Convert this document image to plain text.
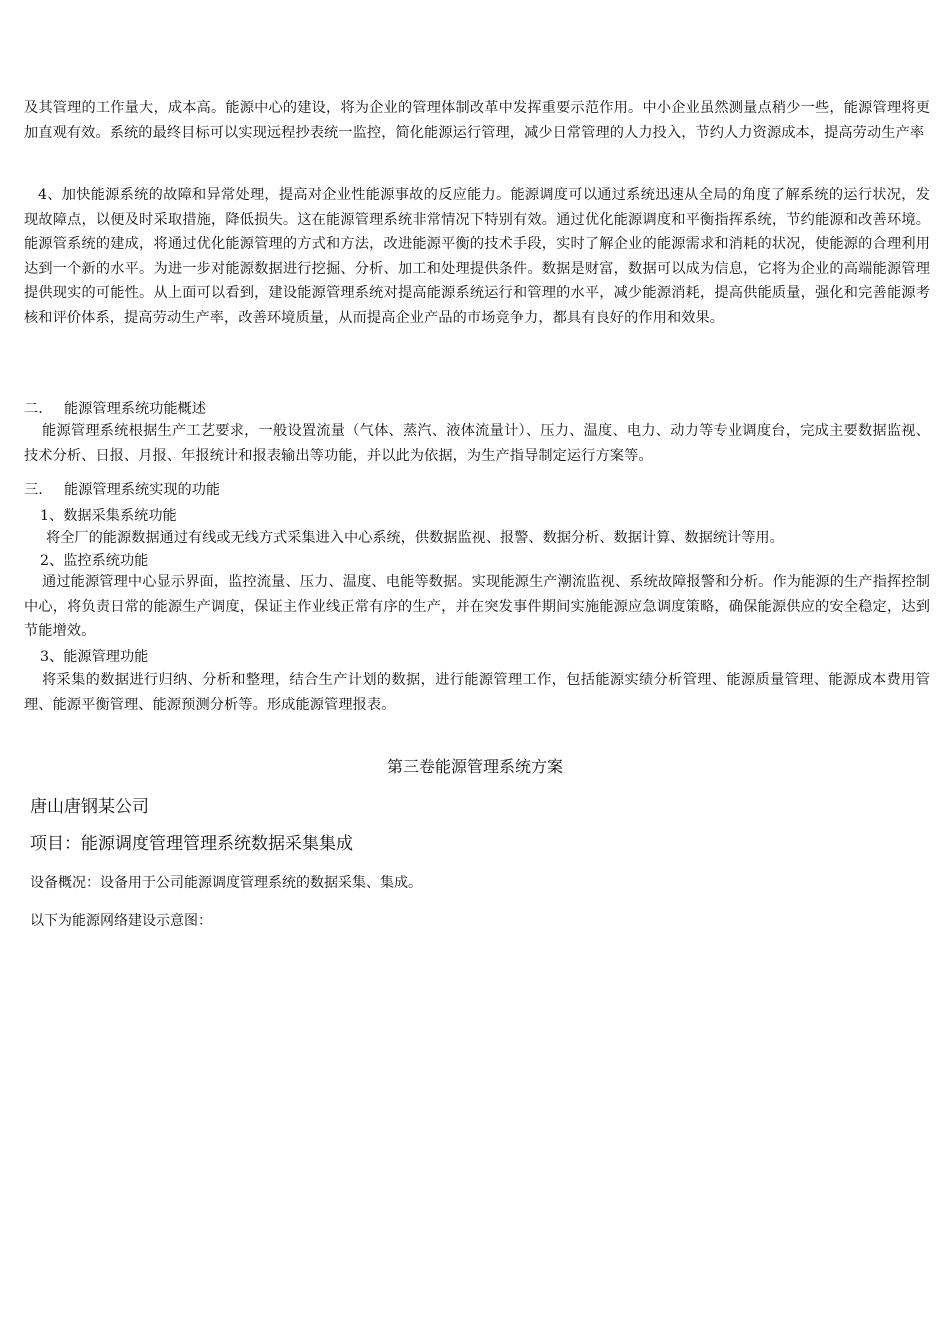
及其管理的工作量大，成本高。能源中心的建设，将为企业的管理体制改革中发挥重要示范作用。中小企业虽然测量点稍少一些，能源管理将更加直观有效。系统的最终目标可以实现远程抄表统一监控，简化能源运行管理，减少日常管理的人力投入，节约人力资源成本，提高劳动生产率
4、加快能源系统的故障和异常处理，提高对企业性能源事故的反应能力。能源调度可以通过系统迅速从全局的角度了解系统的运行状况，发现故障点，以便及时采取措施，降低损失。这在能源管理系统非常情况下特别有效。通过优化能源调度和平衡指挥系统，节约能源和改善环境。能源管系统的建成，将通过优化能源管理的方式和方法，改进能源平衡的技术手段，实时了解企业的能源需求和消耗的状况，使能源的合理利用达到一个新的水平。为进一步对能源数据进行挖掘、分析、加工和处理提供条件。数据是财富，数据可以成为信息，它将为企业的高端能源管理提供现实的可能性。从上面可以看到，建设能源管理系统对提高能源系统运行和管理的水平，减少能源消耗，提高供能质量，强化和完善能源考核和评价体系，提高劳动生产率，改善环境质量，从而提高企业产品的市场竞争力，都具有良好的作用和效果。
二. 能源管理系统功能概述
能源管理系统根据生产工艺要求，一般设置流量（气体、蒸汽、液体流量计）、压力、温度、电力、动力等专业调度台，完成主要数据监视、技术分析、日报、月报、年报统计和报表输出等功能，并以此为依据，为生产指导制定运行方案等。
三. 能源管理系统实现的功能
1、数据采集系统功能
将全厂的能源数据通过有线或无线方式采集进入中心系统，供数据监视、报警、数据分析、数据计算、数据统计等用。
2、监控系统功能
通过能源管理中心显示界面，监控流量、压力、温度、电能等数据。实现能源生产潮流监视、系统故障报警和分析。作为能源的生产指挥控制中心，将负责日常的能源生产调度，保证主作业线正常有序的生产，并在突发事件期间实施能源应急调度策略，确保能源供应的安全稳定，达到节能增效。
3、能源管理功能
将采集的数据进行归纳、分析和整理，结合生产计划的数据，进行能源管理工作，包括能源实绩分析管理、能源质量管理、能源成本费用管理、能源平衡管理、能源预测分析等。形成能源管理报表。
第三卷能源管理系统方案
唐山唐钢某公司
项目：能源调度管理管理系统数据采集集成
设备概况：设备用于公司能源调度管理系统的数据采集、集成。
以下为能源网络建设示意图：
